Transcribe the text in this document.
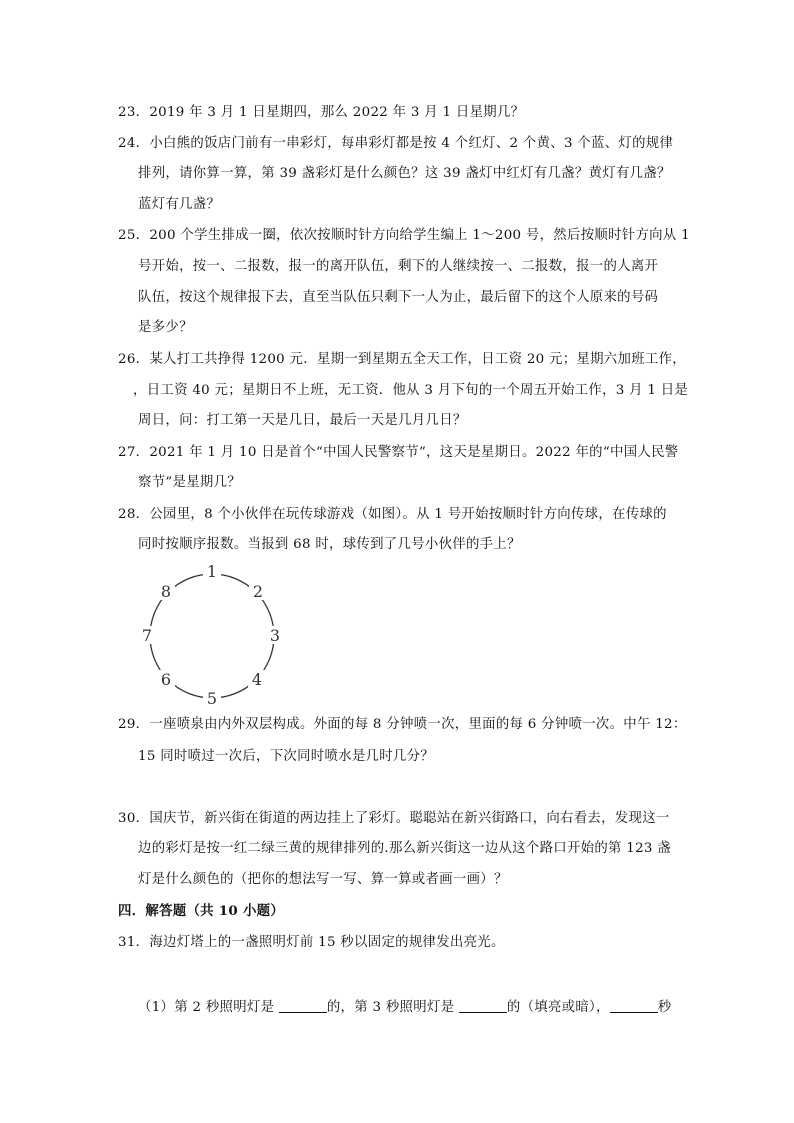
23．2019 年 3 月 1 日星期四，那么 2022 年 3 月 1 日星期几？
24．小白熊的饭店门前有一串彩灯，每串彩灯都是按 4 个红灯、2 个黄、3 个蓝、灯的规律
排列，请你算一算，第 39 盏彩灯是什么颜色？这 39 盏灯中红灯有几盏？黄灯有几盏？
蓝灯有几盏？
25．200 个学生排成一圈，依次按顺时针方向给学生编上 1～200 号，然后按顺时针方向从 1
号开始，按一、二报数，报一的离开队伍，剩下的人继续按一、二报数，报一的人离开
队伍，按这个规律报下去，直至当队伍只剩下一人为止，最后留下的这个人原来的号码
是多少？
26．某人打工共挣得 1200 元．星期一到星期五全天工作，日工资 20 元；星期六加班工作，
，日工资 40 元；星期日不上班，无工资．他从 3 月下旬的一个周五开始工作，3 月 1 日是
周日，问：打工第一天是几日，最后一天是几月几日？
27．2021 年 1 月 10 日是首个“中国人民警察节”，这天是星期日。2022 年的“中国人民警
察节”是星期几？
28．公园里，8 个小伙伴在玩传球游戏（如图）。从 1 号开始按顺时针方向传球，在传球的
同时按顺序报数。当报到 68 时，球传到了几号小伙伴的手上？
1
2
3
4
5
6
7
8
29．一座喷泉由内外双层构成。外面的每 8 分钟喷一次，里面的每 6 分钟喷一次。中午 12：
15 同时喷过一次后，下次同时喷水是几时几分？
30．国庆节，新兴街在街道的两边挂上了彩灯。聪聪站在新兴街路口，向右看去，发现这一
边的彩灯是按一红二绿三黄的规律排列的.那么新兴街这一边从这个路口开始的第 123 盏
灯是什么颜色的（把你的想法写一写、算一算或者画一画）？
四．解答题（共 10 小题）
31．海边灯塔上的一盏照明灯前 15 秒以固定的规律发出亮光。
（1）第 2 秒照明灯是	的，第 3 秒照明灯是	的（填亮或暗），	秒
